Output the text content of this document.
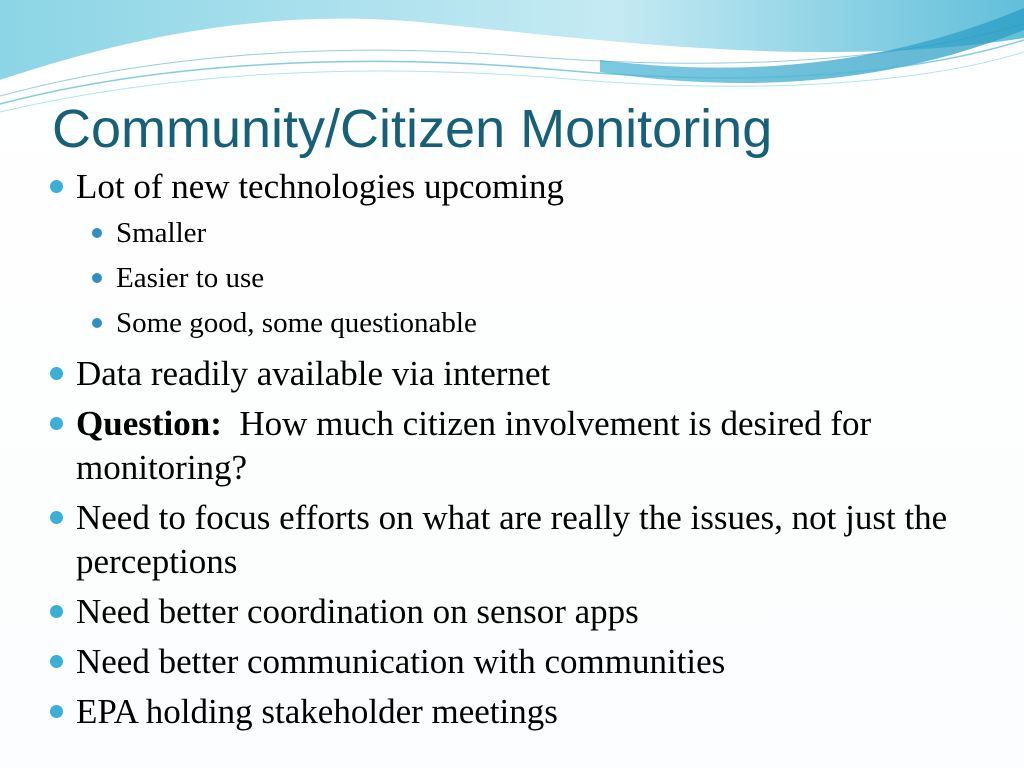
Community/Citizen Monitoring
Lot of new technologies upcoming
Smaller
Easier to use
Some good, some questionable
Data readily available via internet
Question: How much citizen involvement is desired for monitoring?
Need to focus efforts on what are really the issues, not just the perceptions
Need better coordination on sensor apps
Need better communication with communities
EPA holding stakeholder meetings
